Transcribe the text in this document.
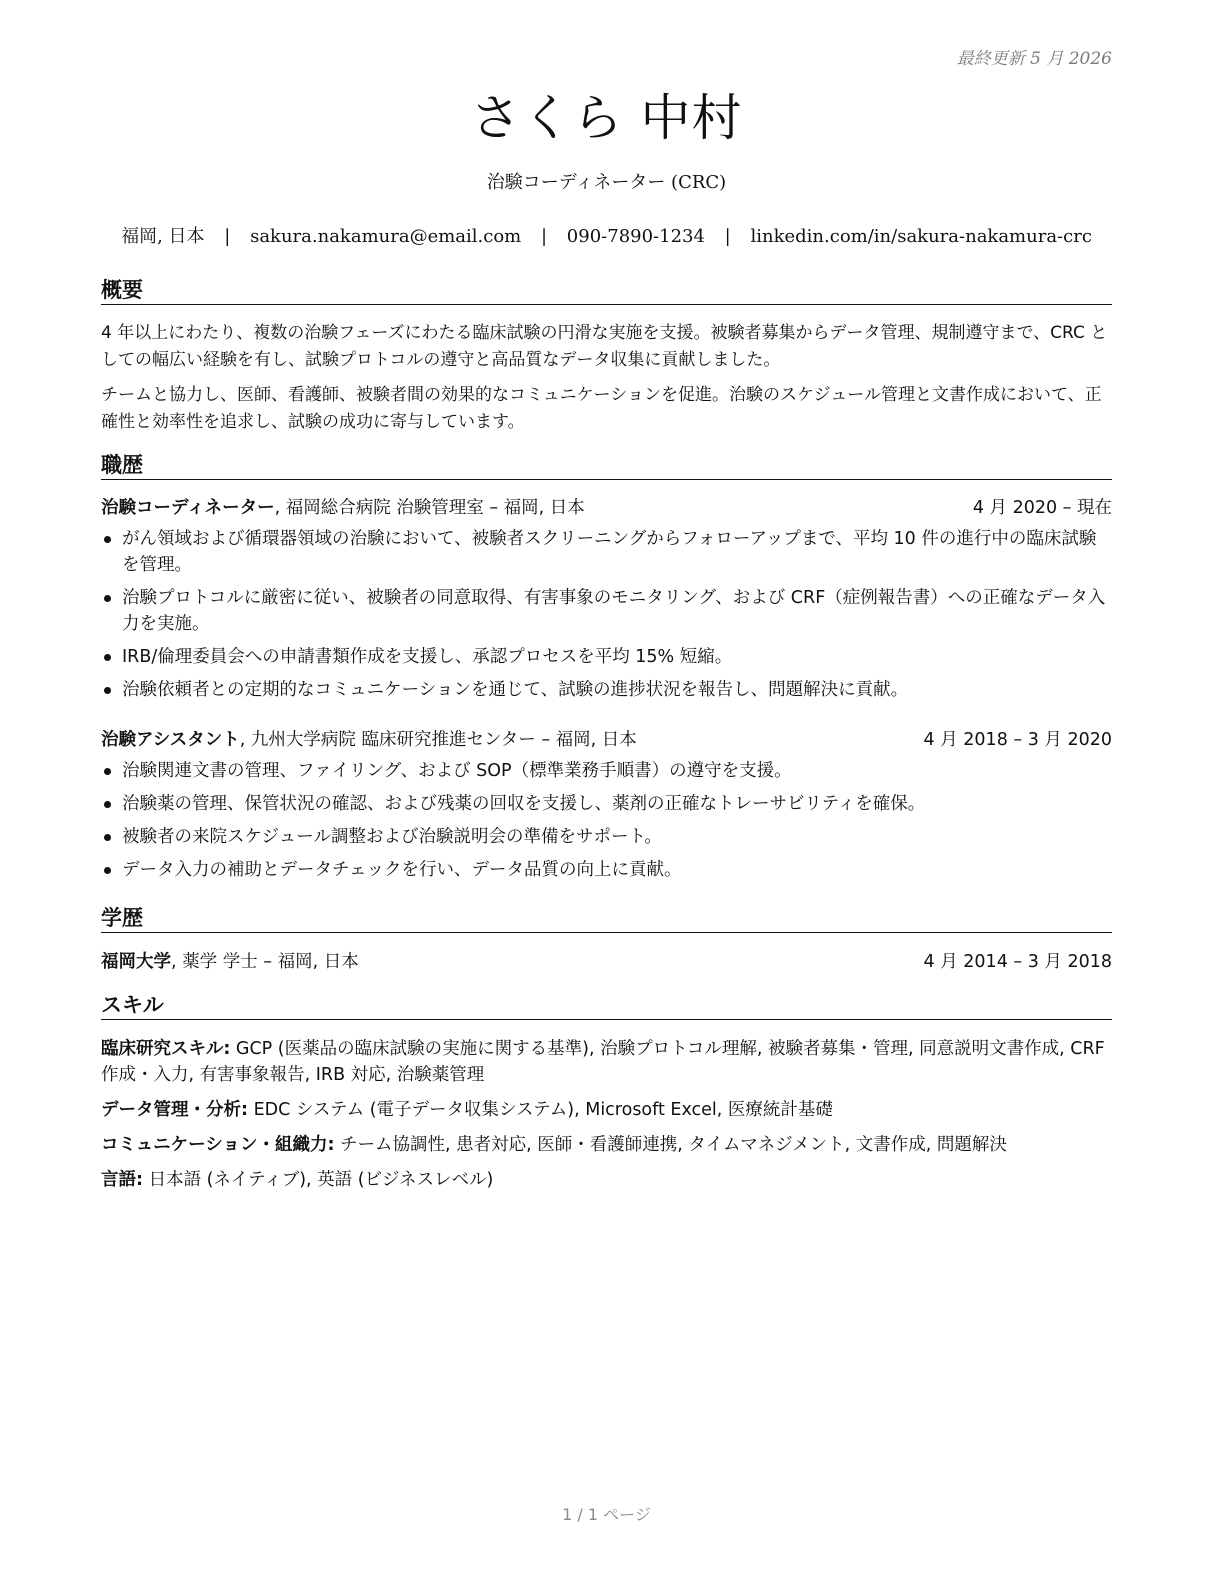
最終更新 5 月 2026
さくら 中村
治験コーディネーター (CRC)
福岡, 日本 | sakura.nakamura@email.com | 090-7890-1234 | linkedin.com/in/sakura-nakamura-crc
概要
4 年以上にわたり、複数の治験フェーズにわたる臨床試験の円滑な実施を支援。被験者募集からデータ管理、規制遵守まで、CRC としての幅広い経験を有し、試験プロトコルの遵守と高品質なデータ収集に貢献しました。
チームと協力し、医師、看護師、被験者間の効果的なコミュニケーションを促進。治験のスケジュール管理と文書作成において、正確性と効率性を追求し、試験の成功に寄与しています。
職歴
治験コーディネーター, 福岡総合病院 治験管理室 – 福岡, 日本	4 月 2020 – 現在
がん領域および循環器領域の治験において、被験者スクリーニングからフォローアップまで、平均 10 件の進行中の臨床試験を管理。
治験プロトコルに厳密に従い、被験者の同意取得、有害事象のモニタリング、および CRF（症例報告書）への正確なデータ入力を実施。
IRB/倫理委員会への申請書類作成を支援し、承認プロセスを平均 15% 短縮。
治験依頼者との定期的なコミュニケーションを通じて、試験の進捗状況を報告し、問題解決に貢献。
治験アシスタント, 九州大学病院 臨床研究推進センター – 福岡, 日本	4 月 2018 – 3 月 2020
治験関連文書の管理、ファイリング、および SOP（標準業務手順書）の遵守を支援。
治験薬の管理、保管状況の確認、および残薬の回収を支援し、薬剤の正確なトレーサビリティを確保。
被験者の来院スケジュール調整および治験説明会の準備をサポート。
データ入力の補助とデータチェックを行い、データ品質の向上に貢献。
学歴
福岡大学, 薬学 学士 – 福岡, 日本	4 月 2014 – 3 月 2018
スキル
臨床研究スキル: GCP (医薬品の臨床試験の実施に関する基準), 治験プロトコル理解, 被験者募集・管理, 同意説明文書作成, CRF 作成・入力, 有害事象報告, IRB 対応, 治験薬管理
データ管理・分析: EDC システム (電子データ収集システム), Microsoft Excel, 医療統計基礎
コミュニケーション・組織力: チーム協調性, 患者対応, 医師・看護師連携, タイムマネジメント, 文書作成, 問題解決
言語: 日本語 (ネイティブ), 英語 (ビジネスレベル)
1 / 1 ページ
